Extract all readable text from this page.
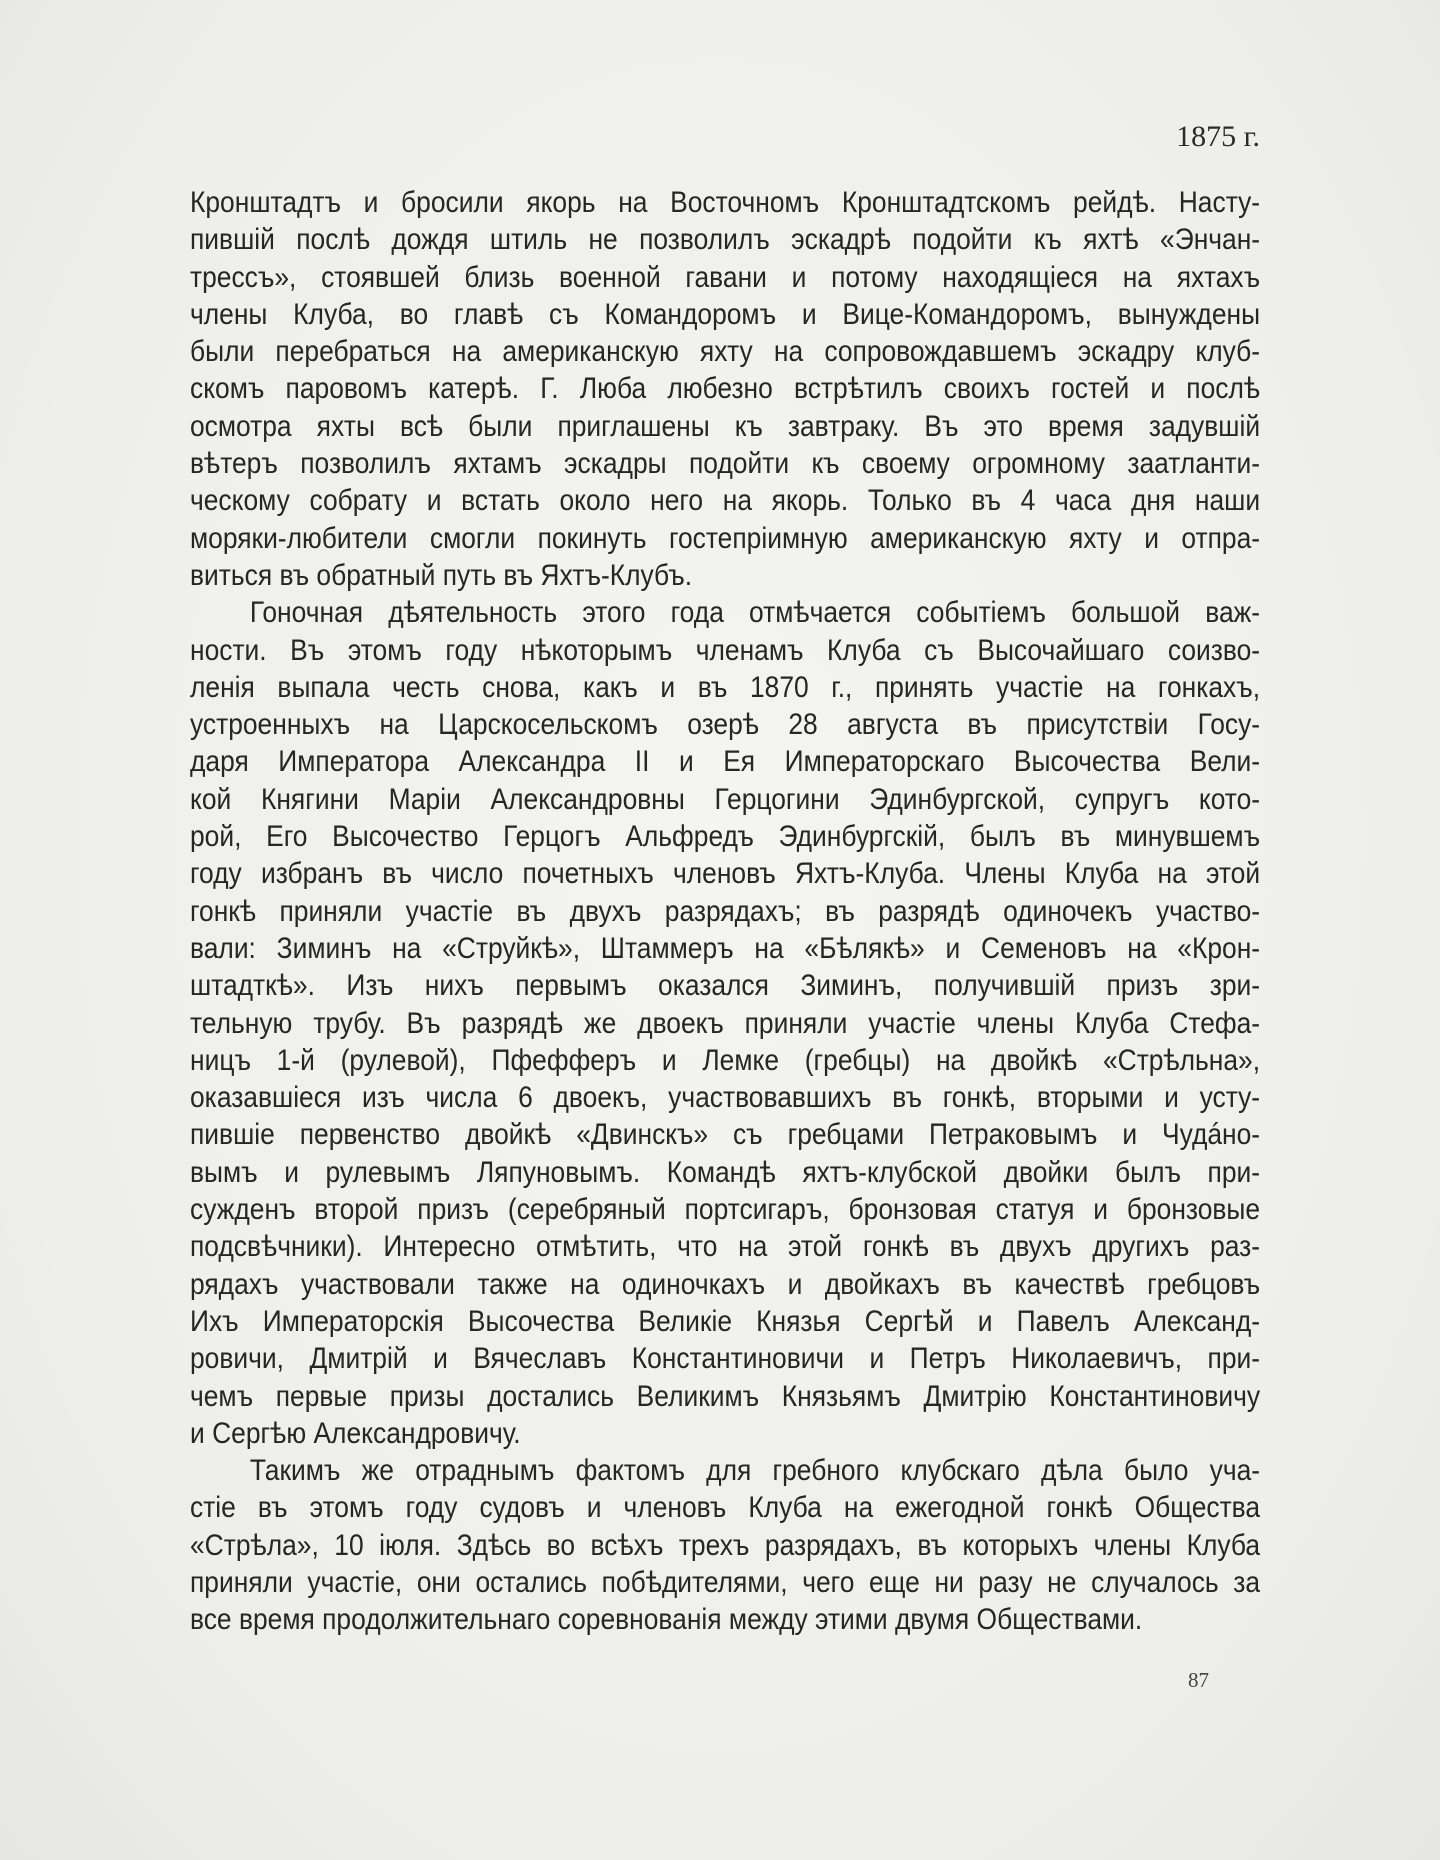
1875 г.
Кронштадтъ и бросили якорь на Восточномъ Кронштадтскомъ рейдѣ. Насту-
пившій послѣ дождя штиль не позволилъ эскадрѣ подойти къ яхтѣ «Энчан-
трессъ», стоявшей близь военной гавани и потому находящіеся на яхтахъ
члены Клуба, во главѣ съ Командоромъ и Вице-Командоромъ, вынуждены
были перебраться на американскую яхту на сопровождавшемъ эскадру клуб-
скомъ паровомъ катерѣ. Г. Люба любезно встрѣтилъ своихъ гостей и послѣ
осмотра яхты всѣ были приглашены къ завтраку. Въ это время задувшій
вѣтеръ позволилъ яхтамъ эскадры подойти къ своему огромному заатланти-
ческому собрату и встать около него на якорь. Только въ 4 часа дня наши
моряки-любители смогли покинуть гостепріимную американскую яхту и отпра-
виться въ обратный путь въ Яхтъ-Клубъ.
Гоночная дѣятельность этого года отмѣчается событіемъ большой важ-
ности. Въ этомъ году нѣкоторымъ членамъ Клуба съ Высочайшаго соизво-
ленія выпала честь снова, какъ и въ 1870 г., принять участіе на гонкахъ,
устроенныхъ на Царскосельскомъ озерѣ 28 августа въ присутствіи Госу-
даря Императора Александра II и Ея Императорскаго Высочества Вели-
кой Княгини Маріи Александровны Герцогини Эдинбургской, супругъ кото-
рой, Его Высочество Герцогъ Альфредъ Эдинбургскій, былъ въ минувшемъ
году избранъ въ число почетныхъ членовъ Яхтъ-Клуба. Члены Клуба на этой
гонкѣ приняли участіе въ двухъ разрядахъ; въ разрядѣ одиночекъ участво-
вали: Зиминъ на «Струйкѣ», Штаммеръ на «Бѣлякѣ» и Семеновъ на «Крон-
штадткѣ». Изъ нихъ первымъ оказался Зиминъ, получившій призъ зри-
тельную трубу. Въ разрядѣ же двоекъ приняли участіе члены Клуба Стефа-
ницъ 1-й (рулевой), Пфефферъ и Лемке (гребцы) на двойкѣ «Стрѣльна»,
оказавшіеся изъ числа 6 двоекъ, участвовавшихъ въ гонкѣ, вторыми и усту-
пившіе первенство двойкѣ «Двинскъ» съ гребцами Петраковымъ и Чудáно-
вымъ и рулевымъ Ляпуновымъ. Командѣ яхтъ-клубской двойки былъ при-
сужденъ второй призъ (серебряный портсигаръ, бронзовая статуя и бронзовые
подсвѣчники). Интересно отмѣтить, что на этой гонкѣ въ двухъ другихъ раз-
рядахъ участвовали также на одиночкахъ и двойкахъ въ качествѣ гребцовъ
Ихъ Императорскія Высочества Великіе Князья Сергѣй и Павелъ Александ-
ровичи, Дмитрій и Вячеславъ Константиновичи и Петръ Николаевичъ, при-
чемъ первые призы достались Великимъ Князьямъ Дмитрію Константиновичу
и Сергѣю Александровичу.
Такимъ же отраднымъ фактомъ для гребного клубскаго дѣла было уча-
стіе въ этомъ году судовъ и членовъ Клуба на ежегодной гонкѣ Общества
«Стрѣла», 10 іюля. Здѣсь во всѣхъ трехъ разрядахъ, въ которыхъ члены Клуба
приняли участіе, они остались побѣдителями, чего еще ни разу не случалось за
все время продолжительнаго соревнованія между этими двумя Обществами.
87
